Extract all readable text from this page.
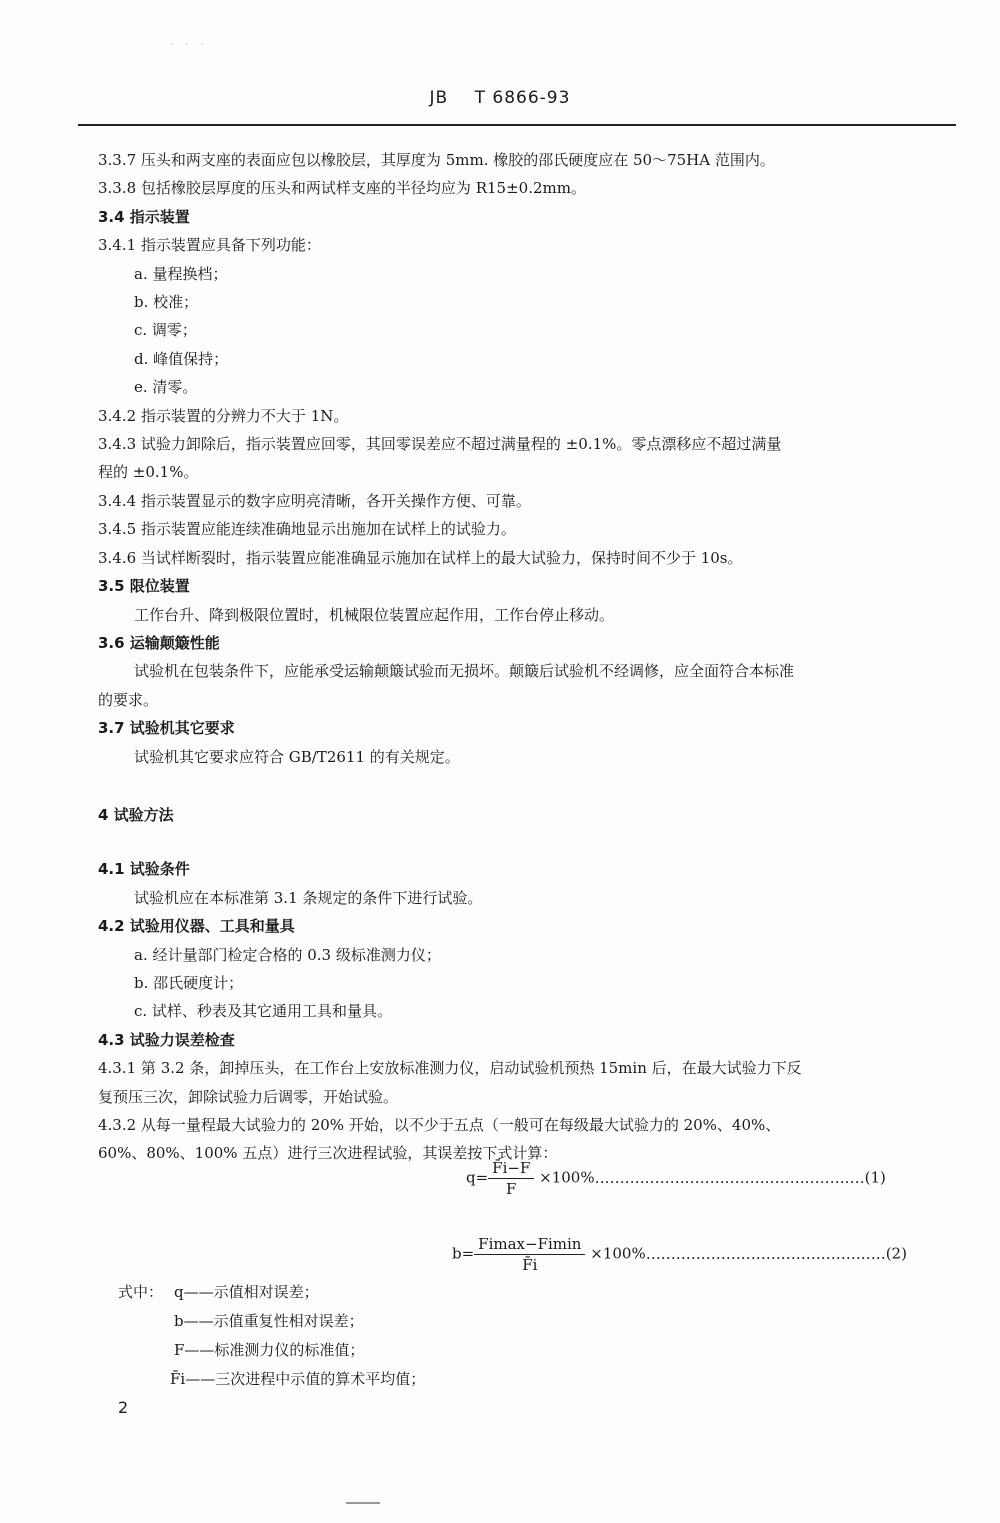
· · ·
JB T 6866-93
3.3.7 压头和两支座的表面应包以橡胶层，其厚度为 5mm. 橡胶的邵氏硬度应在 50～75HA 范围内。
3.3.8 包括橡胶层厚度的压头和两试样支座的半径均应为 R15±0.2mm。
3.4 指示装置
3.4.1 指示装置应具备下列功能：
a. 量程换档；
b. 校准；
c. 调零；
d. 峰值保持；
e. 清零。
3.4.2 指示装置的分辨力不大于 1N。
3.4.3 试验力卸除后，指示装置应回零，其回零误差应不超过满量程的 ±0.1%。零点漂移应不超过满量
程的 ±0.1%。
3.4.4 指示装置显示的数字应明亮清晰，各开关操作方便、可靠。
3.4.5 指示装置应能连续准确地显示出施加在试样上的试验力。
3.4.6 当试样断裂时，指示装置应能准确显示施加在试样上的最大试验力，保持时间不少于 10s。
3.5 限位装置
工作台升、降到极限位置时，机械限位装置应起作用，工作台停止移动。
3.6 运输颠簸性能
试验机在包装条件下，应能承受运输颠簸试验而无损坏。颠簸后试验机不经调修，应全面符合本标准
的要求。
3.7 试验机其它要求
试验机其它要求应符合 GB/T2611 的有关规定。
4 试验方法
4.1 试验条件
试验机应在本标准第 3.1 条规定的条件下进行试验。
4.2 试验用仪器、工具和量具
a. 经计量部门检定合格的 0.3 级标准测力仪；
b. 邵氏硬度计；
c. 试样、秒表及其它通用工具和量具。
4.3 试验力误差检查
4.3.1 第 3.2 条，卸掉压头，在工作台上安放标准测力仪，启动试验机预热 15min 后，在最大试验力下反
复预压三次，卸除试验力后调零，开始试验。
4.3.2 从每一量程最大试验力的 20% 开始，以不少于五点（一般可在每级最大试验力的 20%、40%、
60%、80%、100% 五点）进行三次进程试验，其误差按下式计算：
$q= \frac{F̄i-F}{F}$ ×100%………………………………………………(1)
$b= \frac{Fimax-Fimin}{F̄i}$ ×100%…………………………………………(2)
式中： q——示值相对误差；
b——示值重复性相对误差；
F——标准测力仪的标准值；
F̄i——三次进程中示值的算术平均值；
2
